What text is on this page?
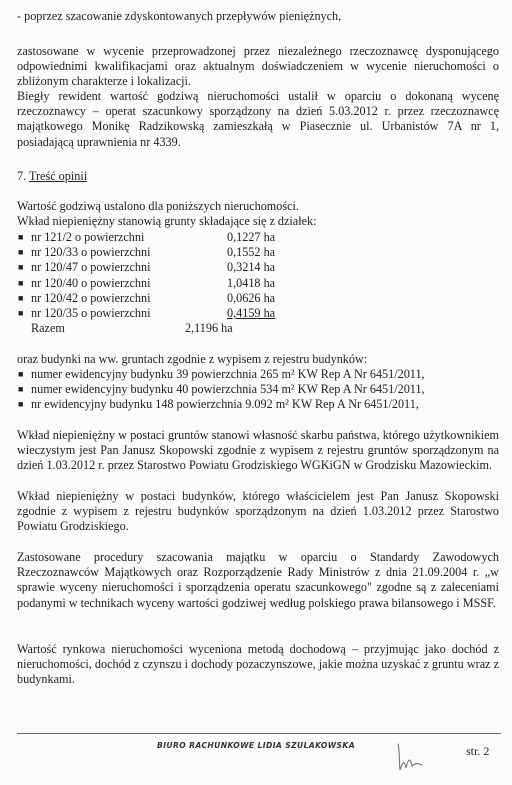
- poprzez szacowanie zdyskontowanych przepływów pieniężnych,

zastosowane w wycenie przeprowadzonej przez niezależnego rzeczoznawcę dysponującego odpowiednimi kwalifikacjami oraz aktualnym doświadczeniem w wycenie nieruchomości o zbliżonym charakterze i lokalizacji.

Biegły rewident wartość godziwą nieruchomości ustalił w oparciu o dokonaną wycenę rzeczoznawcy – operat szacunkowy sporządzony na dzień 5.03.2012 r. przez rzeczoznawcę majątkowego Monikę Radzikowską zamieszkałą w Piasecznie ul. Urbanistów 7A nr 1, posiadającą uprawnienia nr 4339.

7. Treść opinii

Wartość godziwą ustalono dla poniższych nieruchomości.

Wkład niepieniężny stanowią grunty składające się z działek:

■ nr 121/2 o powierzchni	0,1227 ha
■ nr 120/33 o powierzchni	0,1552 ha
■ nr 120/47 o powierzchni	0,3214 ha
■ nr 120/40 o powierzchni	1,0418 ha
■ nr 120/42 o powierzchni	0,0626 ha
■ nr 120/35 o powierzchni	0,4159 ha
Razem	2,1196 ha

oraz budynki na ww. gruntach zgodnie z wypisem z rejestru budynków:

■ numer ewidencyjny budynku 39 powierzchnia 265 m² KW Rep A Nr 6451/2011,
■ numer ewidencyjny budynku 40 powierzchnia 534 m² KW Rep A Nr 6451/2011,
■ nr ewidencyjny budynku 148 powierzchnia 9.092 m² KW Rep A Nr 6451/2011,

Wkład niepieniężny w postaci gruntów stanowi własność skarbu państwa, którego użytkownikiem wieczystym jest Pan Janusz Skopowski zgodnie z wypisem z rejestru gruntów sporządzonym na dzień 1.03.2012 r. przez Starostwo Powiatu Grodziskiego WGKiGN w Grodzisku Mazowieckim.

Wkład niepieniężny w postaci budynków, którego właścicielem jest Pan Janusz Skopowski zgodnie z wypisem z rejestru budynków sporządzonym na dzień 1.03.2012 przez Starostwo Powiatu Grodziskiego.

Zastosowane procedury szacowania majątku w oparciu o Standardy Zawodowych Rzeczoznawców Majątkowych oraz Rozporządzenie Rady Ministrów z dnia 21.09.2004 r. „w sprawie wyceny nieruchomości i sporządzenia operatu szacunkowego" zgodne są z zaleceniami podanymi w technikach wyceny wartości godziwej według polskiego prawa bilansowego i MSSF.

Wartość rynkowa nieruchomości wyceniona metodą dochodową – przyjmując jako dochód z nieruchomości, dochód z czynszu i dochody pozaczynszowe, jakie można uzyskać z gruntu wraz z budynkami.

BIURO RACHUNKOWE LIDIA SZULAKOWSKA	str. 2
